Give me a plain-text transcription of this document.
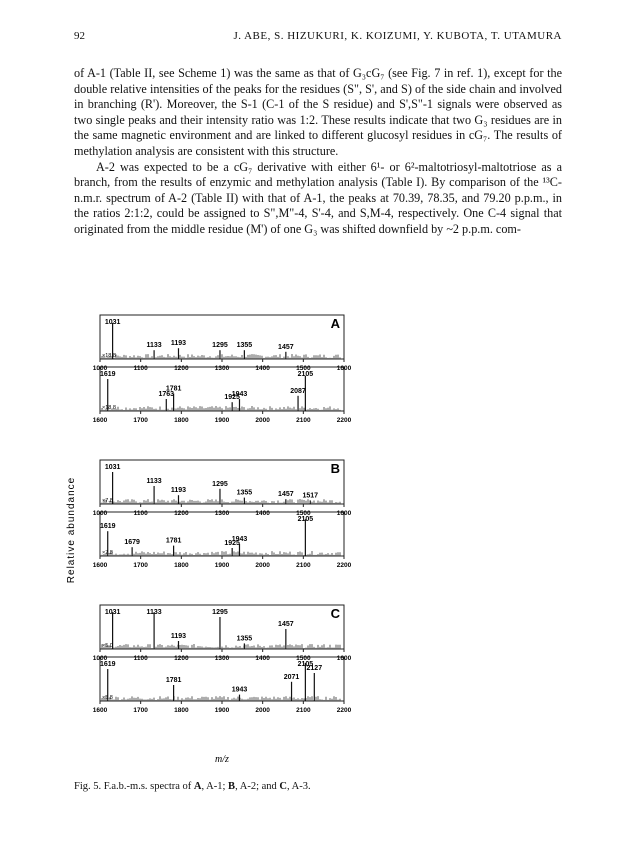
92	J. ABE, S. HIZUKURI, K. KOIZUMI, Y. KUBOTA, T. UTAMURA

of A-1 (Table II, see Scheme 1) was the same as that of G₃cG₇ (see Fig. 7 in ref. 1), except for the double relative intensities of the peaks for the residues (S", S', and S) of the side chain and involved in branching (R'). Moreover, the S-1 (C-1 of the S residue) and S',S"-1 signals were observed as two single peaks and their intensity ratio was 1:2. These results indicate that two G₃ residues are in the same magnetic environment and are linked to different glucosyl residues in cG₇. The results of methylation analysis are consistent with this structure.

A-2 was expected to be a cG₇ derivative with either 6¹- or 6²-maltotriosyl-maltotriose as a branch, from the results of enzymic and methylation analysis (Table I). By comparison of the ¹³C-n.m.r. spectrum of A-2 (Table II) with that of A-1, the peaks at 70.39, 78.35, and 79.20 p.p.m., in the ratios 2:1:2, could be assigned to S",M"-4, S'-4, and S,M-4, respectively. One C-4 signal that originated from the middle residue (M') of one G₃ was shifted downfield by ~2 p.p.m. com-

1031
1133 1193	1295 1355	1457
×18.8
1000	1100	1200	1300	1400	1500	1600
A
1619
1781
1763	1943
1925
2087
2105
×18.8
1600	1700	1800	1900	2000	2100	2200
1031
1133
1193
1295
1355	1457 1517
×7.8
1000	1100	1200	1300	1400	1500	1600
B
2105
1619
1679	1781	1943
1925
×7.8
1600	1700	1800	1900	2000	2100	2200
1031	1133
1193
1295
1355
1457
×5.0
1000	1100	1200	1300	1400	1500	1600
C
2105
1619
1781
1943
2071
2127
×5.8
1600	1700	1800	1900	2000	2100	2200
Relative abundance
m/z
Fig. 5. F.a.b.-m.s. spectra of A, A-1; B, A-2; and C, A-3.
